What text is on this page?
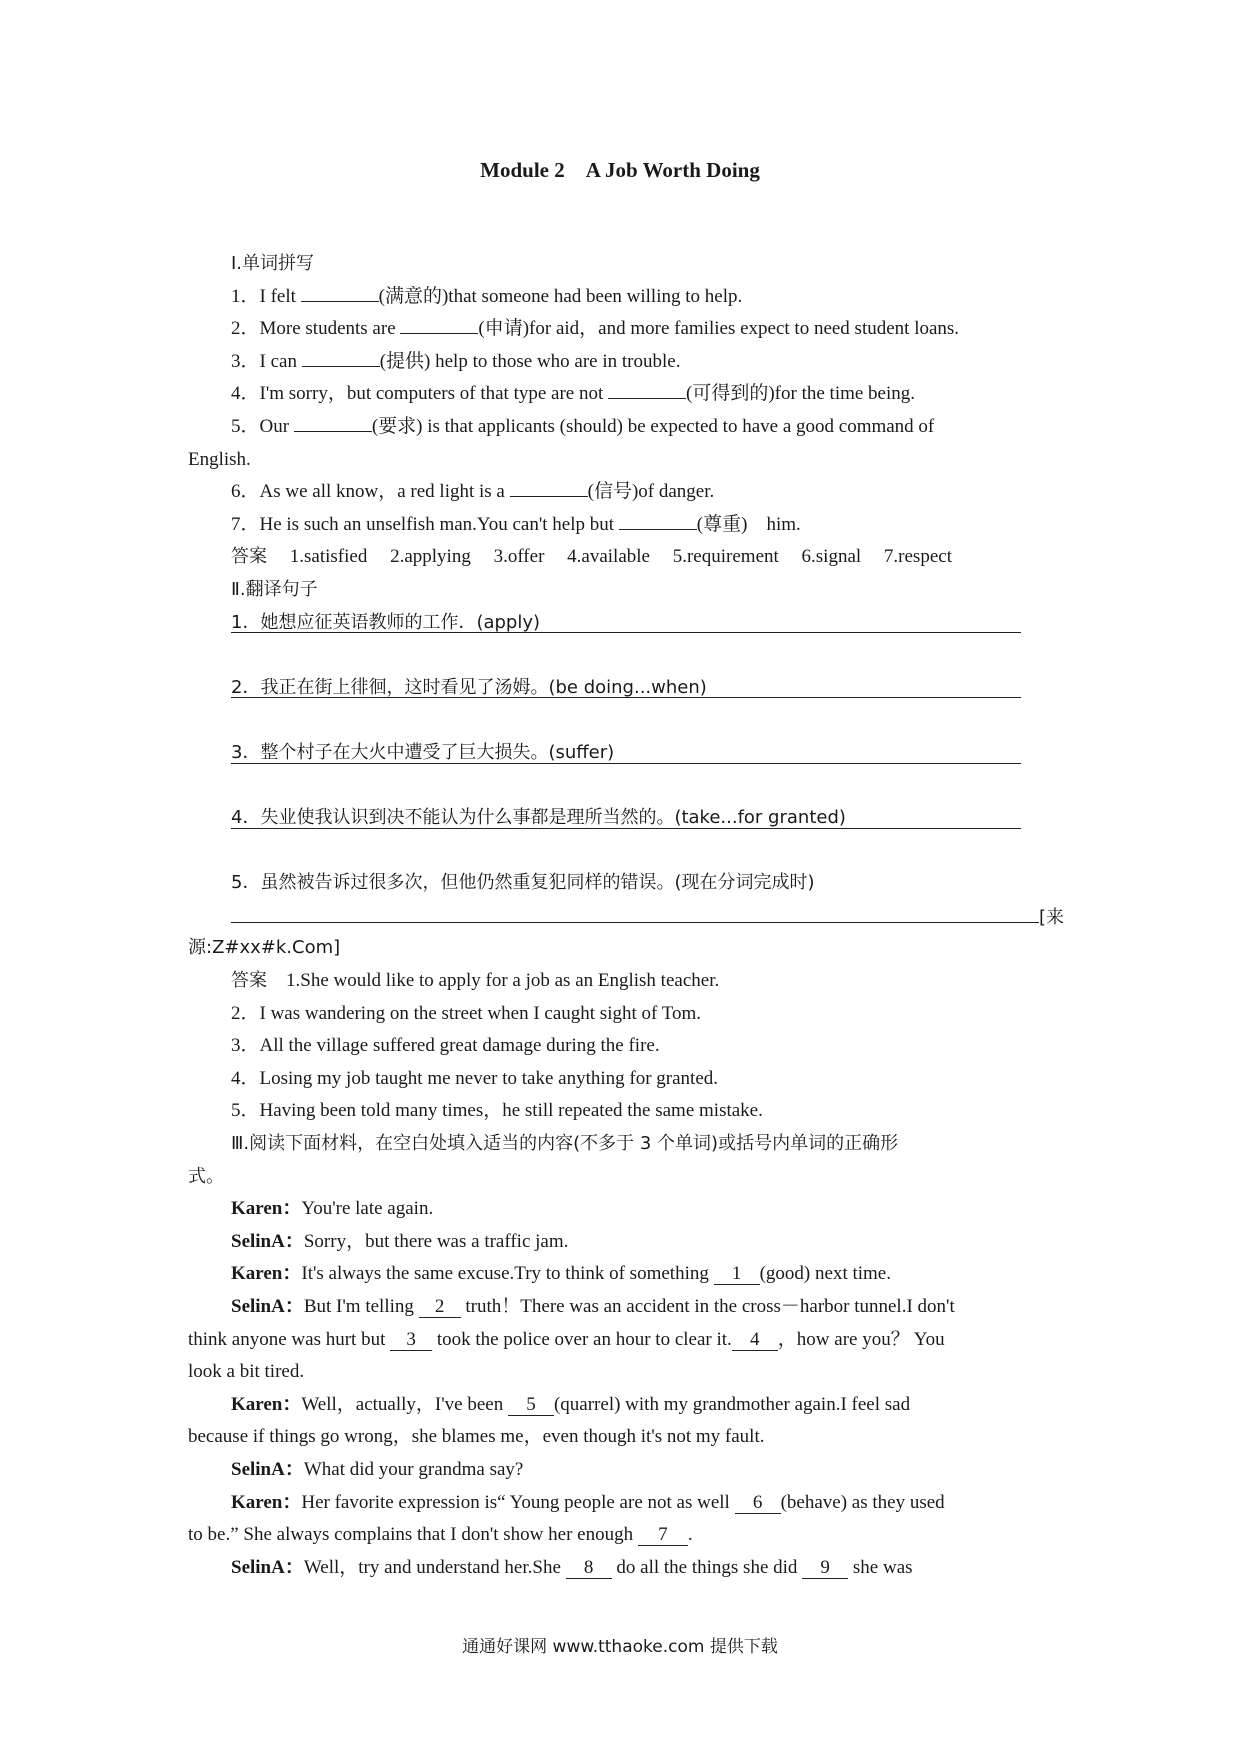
Module 2　A Job Worth Doing
Ⅰ.单词拼写
1．I felt	(满意的)that someone had been willing to help.
2．More students are	(申请)for aid，and more families expect to need student loans.
3．I can	(提供) help to those who are in trouble.
4．I'm sorry，but computers of that type are not	(可得到的)for the time being.
5．Our	(要求) is that applicants (should) be expected to have a good command of
English.
6．As we all know，a red light is a	(信号)of danger.
7．He is such an unselfish man.You can't help but	(尊重)　him.
答案 1.satisfied 2.applying 3.offer 4.available 5.requirement 6.signal 7.respect
Ⅱ.翻译句子
1．她想应征英语教师的工作．(apply)
2．我正在街上徘徊，这时看见了汤姆。(be doing...when)
3．整个村子在大火中遭受了巨大损失。(suffer)
4．失业使我认识到决不能认为什么事都是理所当然的。(take...for granted)
5．虽然被告诉过很多次，但他仍然重复犯同样的错误。(现在分词完成时)
[来
源:Z#xx#k.Com]
答案　 1.She would like to apply for a job as an English teacher.
2．I was wandering on the street when I caught sight of Tom.
3．All the village suffered great damage during the fire.
4．Losing my job taught me never to take anything for granted.
5．Having been told many times，he still repeated the same mistake.
Ⅲ.阅读下面材料，在空白处填入适当的内容(不多于 3 个单词)或括号内单词的正确形
式。
Karen：You're late again.
SelinA：Sorry，but there was a traffic jam.
Karen：It's always the same excuse.Try to think of something 1 (good) next time.
SelinA：But I'm telling 2 truth！There was an accident in the cross－harbor tunnel.I don't
think anyone was hurt but 3 took the police over an hour to clear it. 4 ，how are you？ You
look a bit tired.
Karen：Well，actually，I've been 5 (quarrel) with my grandmother again.I feel sad
because if things go wrong，she blames me，even though it's not my fault.
SelinA：What did your grandma say?
Karen：Her favorite expression is“ Young people are not as well 6 (behave) as they used
to be.” She always complains that I don't show her enough 7 .
SelinA：Well，try and understand her.She 8 do all the things she did 9 she was
通通好课网 www.tthaoke.com 提供下载
